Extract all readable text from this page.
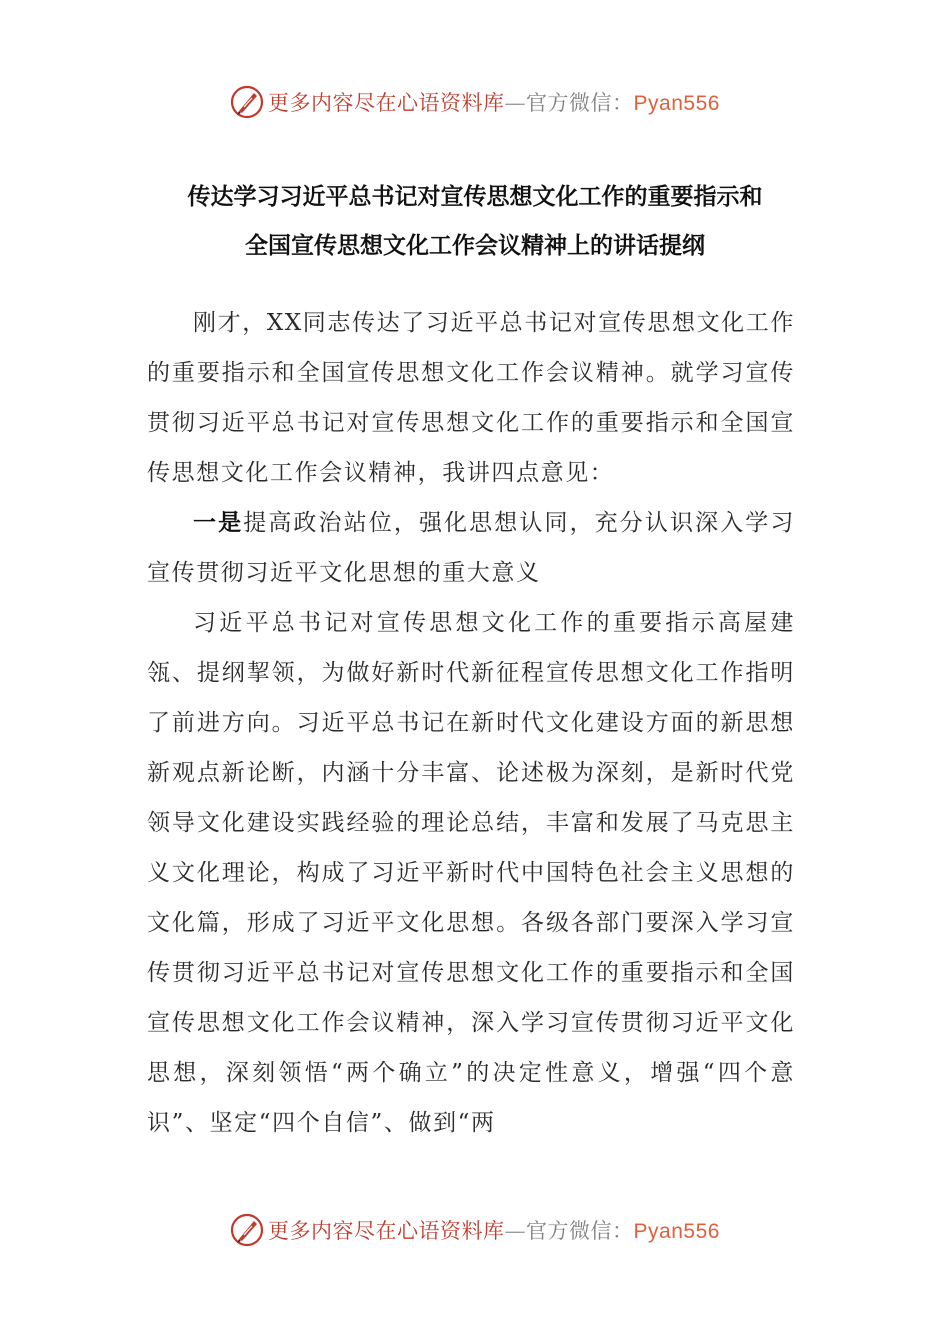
更多内容尽在心语资料库—官方微信：Pyan556
传达学习习近平总书记对宣传思想文化工作的重要指示和
全国宣传思想文化工作会议精神上的讲话提纲

刚才，XX同志传达了习近平总书记对宣传思想文化工作的重要指示和全国宣传思想文化工作会议精神。就学习宣传贯彻习近平总书记对宣传思想文化工作的重要指示和全国宣传思想文化工作会议精神，我讲四点意见：

一是提高政治站位，强化思想认同，充分认识深入学习宣传贯彻习近平文化思想的重大意义

习近平总书记对宣传思想文化工作的重要指示高屋建瓴、提纲挈领，为做好新时代新征程宣传思想文化工作指明了前进方向。习近平总书记在新时代文化建设方面的新思想新观点新论断，内涵十分丰富、论述极为深刻，是新时代党领导文化建设实践经验的理论总结，丰富和发展了马克思主义文化理论，构成了习近平新时代中国特色社会主义思想的文化篇，形成了习近平文化思想。各级各部门要深入学习宣传贯彻习近平总书记对宣传思想文化工作的重要指示和全国宣传思想文化工作会议精神，深入学习宣传贯彻习近平文化思想，深刻领悟“两个确立”的决定性意义，增强“四个意识”、坚定“四个自信”、做到“两

更多内容尽在心语资料库—官方微信：Pyan556
